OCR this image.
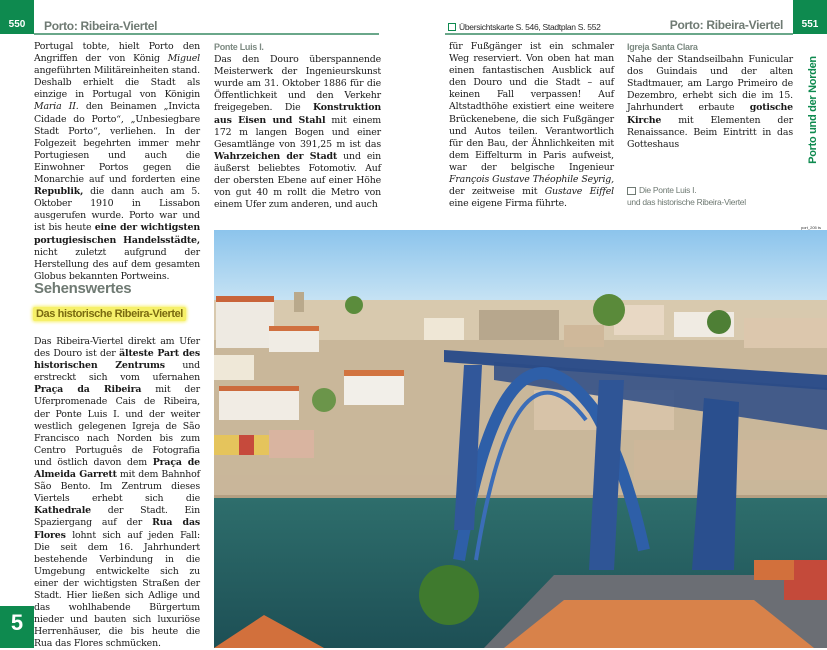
550	Porto: Ribeira-Viertel

Portugal tobte, hielt Porto den Angriffen der von König Miguel angeführten Militäreinheiten stand. Deshalb erhielt die Stadt als einzige in Portugal von Königin Maria II. den Beinamen „Invicta Cidade do Porto“, „Unbesiegbare Stadt Porto“, verliehen. In der Folgezeit begehrten immer mehr Portugiesen und auch die Einwohner Portos gegen die Monarchie auf und forderten eine Republik, die dann auch am 5. Oktober 1910 in Lissabon ausgerufen wurde. Porto war und ist bis heute eine der wichtigsten portugiesischen Handelsstädte, nicht zuletzt aufgrund der Herstellung des auf dem gesamten Globus bekannten Portweins.

Sehenswertes
Das historische Ribeira-Viertel

Das Ribeira-Viertel direkt am Ufer des Douro ist der älteste Part des historischen Zentrums und erstreckt sich vom ufernahen Praça da Ribeira mit der Uferpromenade Cais de Ribeira, der Ponte Luis I. und der weiter westlich gelegenen Igreja de São Francisco nach Norden bis zum Centro Português de Fotografia und östlich davon dem Praça de Almeida Garrett mit dem Bahnhof São Bento. Im Zentrum dieses Viertels erhebt sich die Kathedrale der Stadt. Ein Spaziergang auf der Rua das Flores lohnt sich auf jeden Fall: Die seit dem 16. Jahrhundert bestehende Verbindung in die Umgebung entwickelte sich zu einer der wichtigsten Straßen der Stadt. Hier ließen sich Adlige und das wohlhabende Bürgertum nieder und bauten sich luxuriöse Herrenhäuser, die bis heute die Rua das Flores schmücken.

Ponte Luis I.

Das den Douro überspannende Meisterwerk der Ingenieurskunst wurde am 31. Oktober 1886 für die Öffentlichkeit und den Verkehr freigegeben. Die Konstruktion aus Eisen und Stahl mit einem 172 m langen Bogen und einer Gesamtlänge von 391,25 m ist das Wahrzeichen der Stadt und ein äußerst beliebtes Fotomotiv. Auf der obersten Ebene auf einer Höhe von gut 40 m rollt die Metro von einem Ufer zum anderen, und auch

5
Übersichtskarte S. 546, Stadtplan S. 552	Porto: Ribeira-Viertel	551

für Fußgänger ist ein schmaler Weg reserviert. Von oben hat man einen fantastischen Ausblick auf den Douro und die Stadt – auf keinen Fall verpassen! Auf Altstadthöhe existiert eine weitere Brückenebene, die sich Fußgänger und Autos teilen. Verantwortlich für den Bau, der Ähnlichkeiten mit dem Eiffelturm in Paris aufweist, war der belgische Ingenieur François Gustave Théophile Seyrig, der zeitweise mit Gustave Eiffel eine eigene Firma führte.

Igreja Santa Clara

Nahe der Standseilbahn Funicular dos Guindais und der alten Stadtmauer, am Largo Primeiro de Dezembro, erhebt sich die im 15. Jahrhundert erbaute gotische Kirche mit Elementen der Renaissance. Beim Eintritt in das Gotteshaus	Porto und der Norden
Die Ponte Luis I.
und das historische Ribeira-Viertel
port_205 ts
